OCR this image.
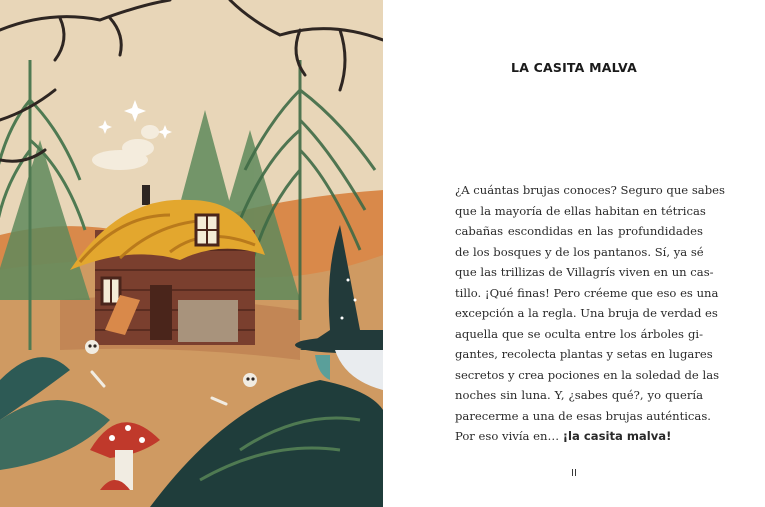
LA CASITA MALVA
¿A cuántas brujas conoces? Seguro que sabes
que la mayoría de ellas habitan en tétricas
cabañas escondidas en las profundidades
de los bosques y de los pantanos. Sí, ya sé
que las trillizas de Villagrís viven en un cas-
tillo. ¡Qué finas! Pero créeme que eso es una
excepción a la regla. Una bruja de verdad es
aquella que se oculta entre los árboles gi-
gantes, recolecta plantas y setas en lugares
secretos y crea pociones en la soledad de las
noches sin luna. Y, ¿sabes qué?, yo quería
parecerme a una de esas brujas auténticas.
Por eso vivía en… ¡la casita malva!
II
